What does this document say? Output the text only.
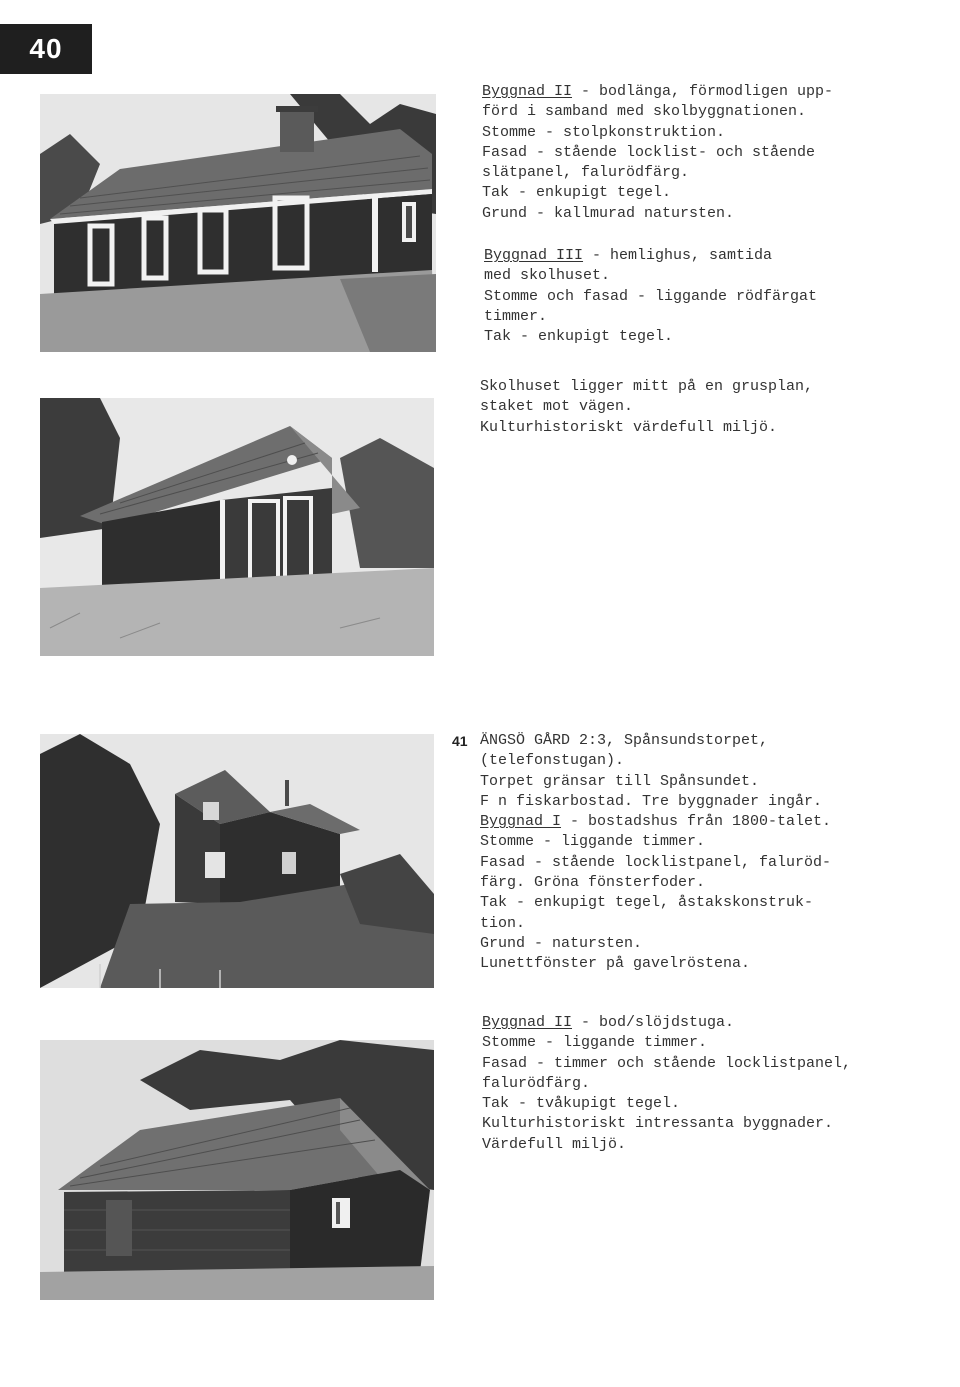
40
Byggnad II - bodlänga, förmodligen upp-
förd i samband med skolbyggnationen.
Stomme - stolpkonstruktion.
Fasad - stående locklist- och stående
slätpanel, falurödfärg.
Tak - enkupigt tegel.
Grund - kallmurad natursten.
Byggnad III - hemlighus, samtida
med skolhuset.
Stomme och fasad - liggande rödfärgat
timmer.
Tak - enkupigt tegel.
Skolhuset ligger mitt på en grusplan,
staket mot vägen.
Kulturhistoriskt värdefull miljö.
41 ÄNGSÖ GÅRD 2:3, Spånsundstorpet,
(telefonstugan).
Torpet gränsar till Spånsundet.
F n fiskarbostad. Tre byggnader ingår.
Byggnad I - bostadshus från 1800-talet.
Stomme - liggande timmer.
Fasad - stående locklistpanel, faluröd-
färg. Gröna fönsterfoder.
Tak - enkupigt tegel, åstakskonstruk-
tion.
Grund - natursten.
Lunettfönster på gavelröstena.
Byggnad II - bod/slöjdstuga.
Stomme - liggande timmer.
Fasad - timmer och stående locklistpanel,
falurödfärg.
Tak - tvåkupigt tegel.
Kulturhistoriskt intressanta byggnader.
Värdefull miljö.
